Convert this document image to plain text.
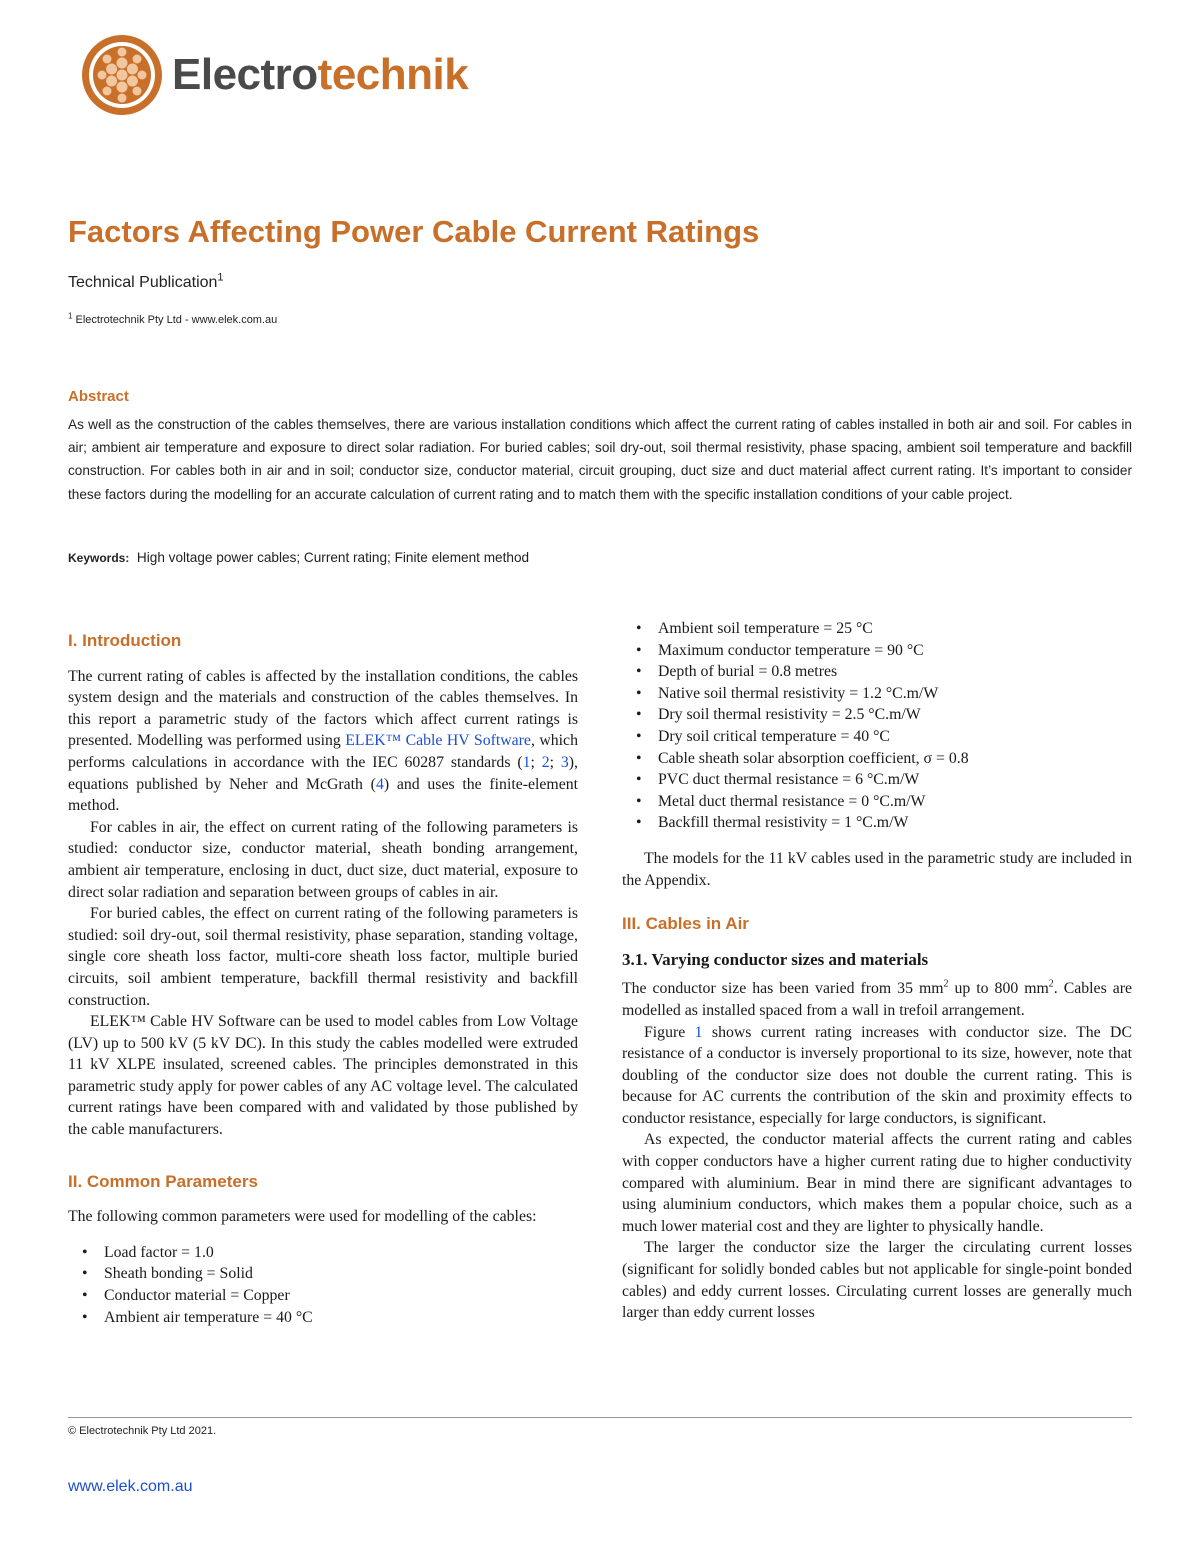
Electrotechnik
Factors Affecting Power Cable Current Ratings
Technical Publication$^1$
$^1$ Electrotechnik Pty Ltd - www.elek.com.au
Abstract
As well as the construction of the cables themselves, there are various installation conditions which affect the current rating of cables installed in both air and soil. For cables in air; ambient air temperature and exposure to direct solar radiation. For buried cables; soil dry-out, soil thermal resistivity, phase spacing, ambient soil temperature and backfill construction. For cables both in air and in soil; conductor size, conductor material, circuit grouping, duct size and duct material affect current rating. It’s important to consider these factors during the modelling for an accurate calculation of current rating and to match them with the specific installation conditions of your cable project.
Keywords: High voltage power cables; Current rating; Finite element method
I. Introduction

The current rating of cables is affected by the installation conditions, the cables system design and the materials and construction of the cables themselves. In this report a parametric study of the factors which affect current ratings is presented. Modelling was performed using ELEK™ Cable HV Software, which performs calculations in accordance with the IEC 60287 standards (1; 2; 3), equations published by Neher and McGrath (4) and uses the finite-element method.

For cables in air, the effect on current rating of the following parameters is studied: conductor size, conductor material, sheath bonding arrangement, ambient air temperature, enclosing in duct, duct size, duct material, exposure to direct solar radiation and separation between groups of cables in air.

For buried cables, the effect on current rating of the following parameters is studied: soil dry-out, soil thermal resistivity, phase separation, standing voltage, single core sheath loss factor, multi-core sheath loss factor, multiple buried circuits, soil ambient temperature, backfill thermal resistivity and backfill construction.

ELEK™ Cable HV Software can be used to model cables from Low Voltage (LV) up to 500 kV (5 kV DC). In this study the cables modelled were extruded 11 kV XLPE insulated, screened cables. The principles demonstrated in this parametric study apply for power cables of any AC voltage level. The calculated current ratings have been compared with and validated by those published by the cable manufacturers.

II. Common Parameters

The following common parameters were used for modelling of the cables:

• Load factor = 1.0
• Sheath bonding = Solid
• Conductor material = Copper
• Ambient air temperature = 40 °C
• Ambient soil temperature = 25 °C
• Maximum conductor temperature = 90 °C
• Depth of burial = 0.8 metres
• Native soil thermal resistivity = 1.2 °C.m/W
• Dry soil thermal resistivity = 2.5 °C.m/W
• Dry soil critical temperature = 40 °C
• Cable sheath solar absorption coefficient, σ = 0.8
• PVC duct thermal resistance = 6 °C.m/W
• Metal duct thermal resistance = 0 °C.m/W
• Backfill thermal resistivity = 1 °C.m/W

The models for the 11 kV cables used in the parametric study are included in the Appendix.

III. Cables in Air
3.1. Varying conductor sizes and materials

The conductor size has been varied from 35 $mm^2$ up to 800 $mm^2$. Cables are modelled as installed spaced from a wall in trefoil arrangement.

Figure 1 shows current rating increases with conductor size. The DC resistance of a conductor is inversely proportional to its size, however, note that doubling of the conductor size does not double the current rating. This is because for AC currents the contribution of the skin and proximity effects to conductor resistance, especially for large conductors, is significant.

As expected, the conductor material affects the current rating and cables with copper conductors have a higher current rating due to higher conductivity compared with aluminium. Bear in mind there are significant advantages to using aluminium conductors, which makes them a popular choice, such as a much lower material cost and they are lighter to physically handle.

The larger the conductor size the larger the circulating current losses (significant for solidly bonded cables but not applicable for single-point bonded cables) and eddy current losses. Circulating current losses are generally much larger than eddy current losses

© Electrotechnik Pty Ltd 2021.
www.elek.com.au
